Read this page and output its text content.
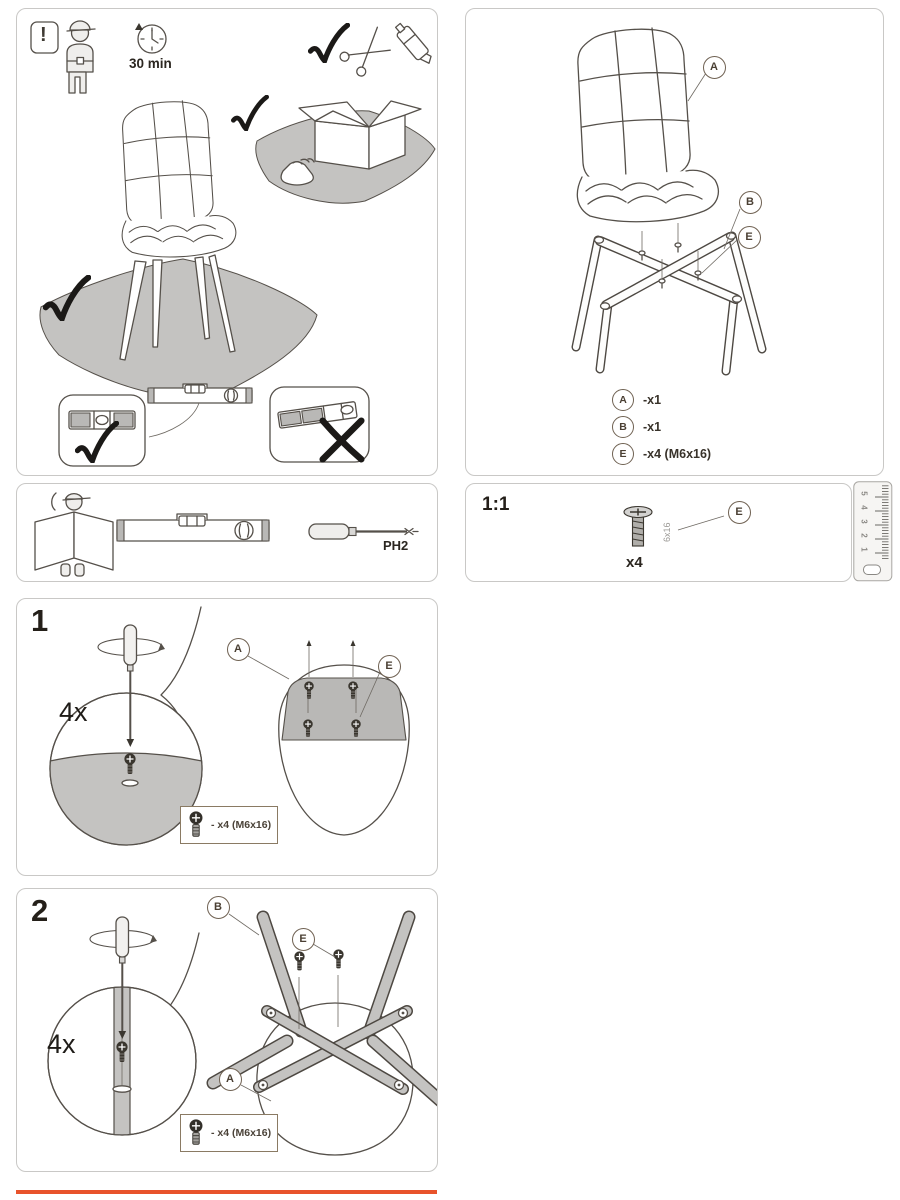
!
30 min
PH2
A
B
E
A	-x1
B	-x1
E	-x4 (M6x16)
1:1
6x16
x4
E
1
2
3
4
5
1
4x
A
E
- x4 (M6x16)
2
4x
B
E
A
- x4 (M6x16)
